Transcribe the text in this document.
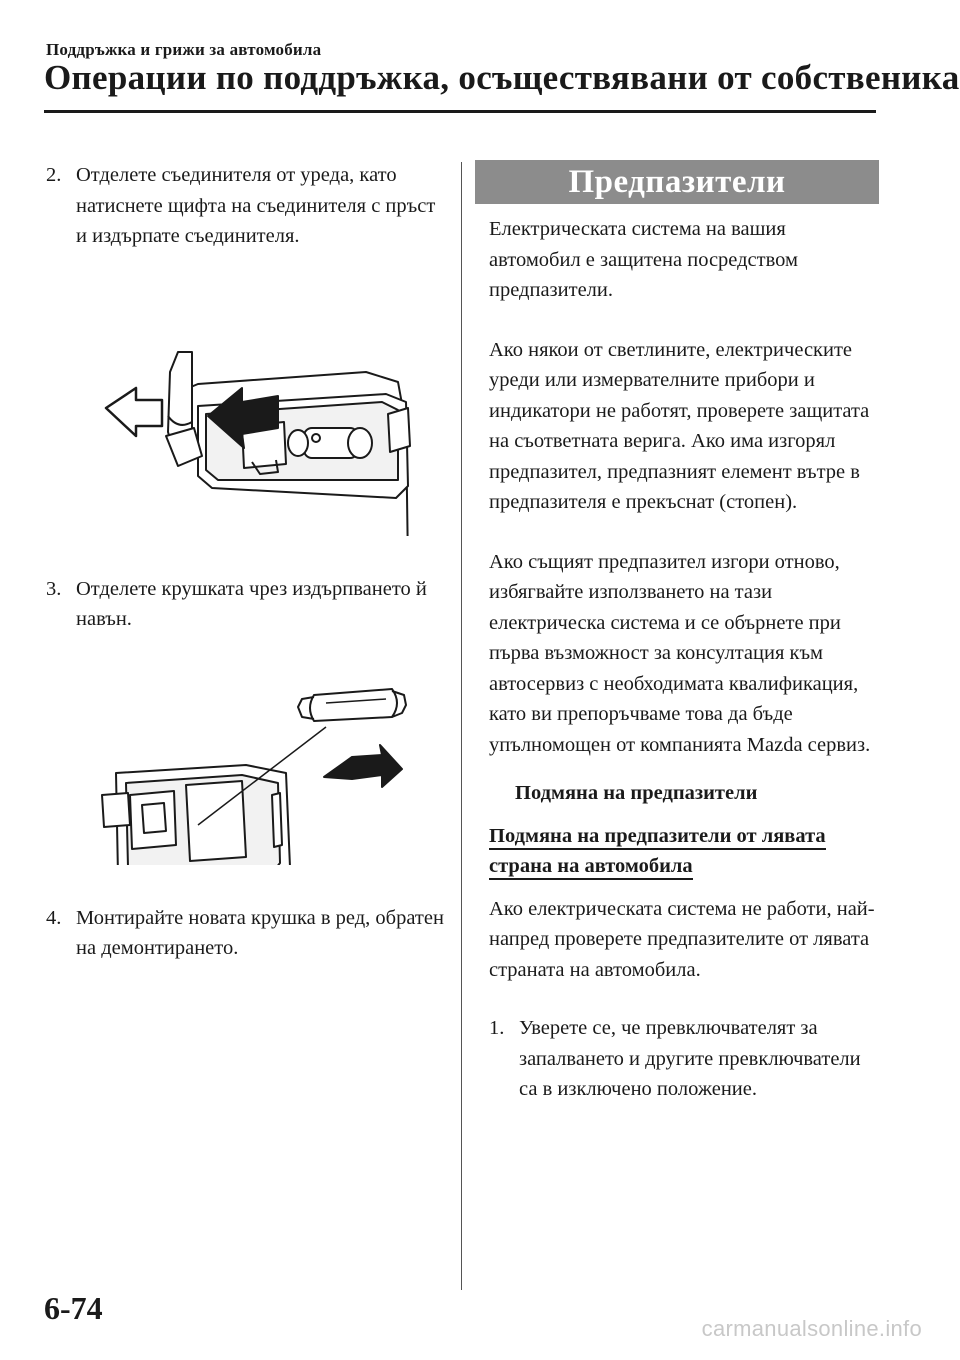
Поддръжка и грижи за автомобила
Операции по поддръжка, осъществявани от собственика
2. Отделете съединителя от уреда, като натиснете щифта на съединителя с пръст и издърпате съединителя.
3. Отделете крушката чрез издърпването й навън.
4. Монтирайте новата крушка в ред, обратен на демонтирането.
Предпазители

Електрическата система на вашия автомобил е защитена посредством предпазители.

Ако някои от светлините, електрическите уреди или измервателните прибори и индикатори не работят, проверете защитата на съответната верига. Ако има изгорял предпазител, предпазният елемент вътре в предпазителя е прекъснат (стопен).

Ако същият предпазител изгори отново, избягвайте използването на тази електрическа система и се обърнете при първа възможност за консултация към автосервиз с необходимата квалификация, като ви препоръчваме това да бъде упълномощен от компанията Mazda сервиз.

Подмяна на предпазители
Подмяна на предпазители от лявата страна на автомобила

Ако електрическата система не работи, най-напред проверете предпазителите от лявата страната на автомобила.

1. Уверете се, че превключвателят за запалването и другите превключватели са в изключено положение.
6-74
carmanualsonline.info
